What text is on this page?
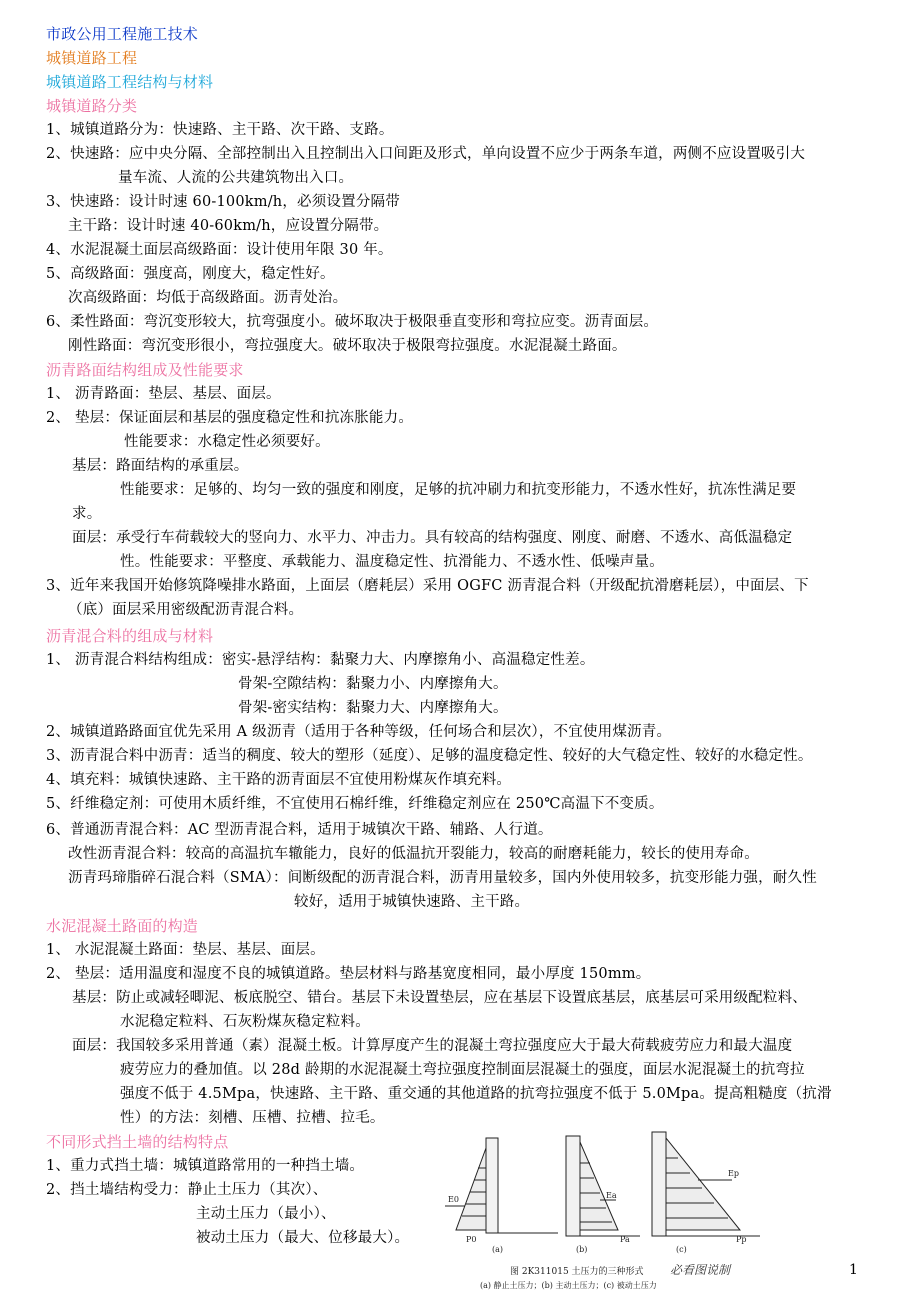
市政公用工程施工技术
城镇道路工程
城镇道路工程结构与材料
城镇道路分类
1、城镇道路分为：快速路、主干路、次干路、支路。
2、快速路：应中央分隔、全部控制出入且控制出入口间距及形式，单向设置不应少于两条车道，两侧不应设置吸引大
量车流、人流的公共建筑物出入口。
3、快速路：设计时速 60-100km/h，必须设置分隔带
主干路：设计时速 40-60km/h，应设置分隔带。
4、水泥混凝土面层高级路面：设计使用年限 30 年。
5、高级路面：强度高，刚度大，稳定性好。
次高级路面：均低于高级路面。沥青处治。
6、柔性路面：弯沉变形较大，抗弯强度小。破坏取决于极限垂直变形和弯拉应变。沥青面层。
刚性路面：弯沉变形很小，弯拉强度大。破坏取决于极限弯拉强度。水泥混凝土路面。
沥青路面结构组成及性能要求
1、 沥青路面：垫层、基层、面层。
2、 垫层：保证面层和基层的强度稳定性和抗冻胀能力。
性能要求：水稳定性必须要好。
基层：路面结构的承重层。
性能要求：足够的、均匀一致的强度和刚度，足够的抗冲刷力和抗变形能力，不透水性好，抗冻性满足要
求。
面层：承受行车荷载较大的竖向力、水平力、冲击力。具有较高的结构强度、刚度、耐磨、不透水、高低温稳定
性。性能要求：平整度、承载能力、温度稳定性、抗滑能力、不透水性、低噪声量。
3、近年来我国开始修筑降噪排水路面，上面层（磨耗层）采用 OGFC 沥青混合料（开级配抗滑磨耗层），中面层、下
（底）面层采用密级配沥青混合料。
沥青混合料的组成与材料
1、 沥青混合料结构组成：密实-悬浮结构：黏聚力大、内摩擦角小、高温稳定性差。
骨架-空隙结构：黏聚力小、内摩擦角大。
骨架-密实结构：黏聚力大、内摩擦角大。
2、城镇道路路面宜优先采用 A 级沥青（适用于各种等级，任何场合和层次），不宜使用煤沥青。
3、沥青混合料中沥青：适当的稠度、较大的塑形（延度）、足够的温度稳定性、较好的大气稳定性、较好的水稳定性。
4、填充料：城镇快速路、主干路的沥青面层不宜使用粉煤灰作填充料。
5、纤维稳定剂：可使用木质纤维，不宜使用石棉纤维，纤维稳定剂应在 250℃高温下不变质。
6、普通沥青混合料：AC 型沥青混合料，适用于城镇次干路、辅路、人行道。
改性沥青混合料：较高的高温抗车辙能力，良好的低温抗开裂能力，较高的耐磨耗能力，较长的使用寿命。
沥青玛𤧛脂碎石混合料（SMA）：间断级配的沥青混合料，沥青用量较多，国内外使用较多，抗变形能力强，耐久性
较好，适用于城镇快速路、主干路。
水泥混凝土路面的构造
1、 水泥混凝土路面：垫层、基层、面层。
2、 垫层：适用温度和湿度不良的城镇道路。垫层材料与路基宽度相同，最小厚度 150mm。
基层：防止或减轻唧泥、板底脱空、错台。基层下未设置垫层，应在基层下设置底基层，底基层可采用级配粒料、
水泥稳定粒料、石灰粉煤灰稳定粒料。
面层：我国较多采用普通（素）混凝土板。计算厚度产生的混凝土弯拉强度应大于最大荷载疲劳应力和最大温度
疲劳应力的叠加值。以 28d 龄期的水泥混凝土弯拉强度控制面层混凝土的强度，面层水泥混凝土的抗弯拉
强度不低于 4.5Mpa，快速路、主干路、重交通的其他道路的抗弯拉强度不低于 5.0Mpa。提高粗糙度（抗滑
性）的方法：刻槽、压槽、拉槽、拉毛。
不同形式挡土墙的结构特点
1、重力式挡土墙：城镇道路常用的一种挡土墙。
2、挡土墙结构受力：静止土压力（其次）、
主动土压力（最小）、
被动土压力（最大、位移最大）。
E0	Ea
Ep
P0	Pa	Pp
(a)	(b)	(c)
图 2K311015 土压力的三种形式
(a) 静止土压力；(b) 主动土压力；(c) 被动土压力
必看图说制	1
